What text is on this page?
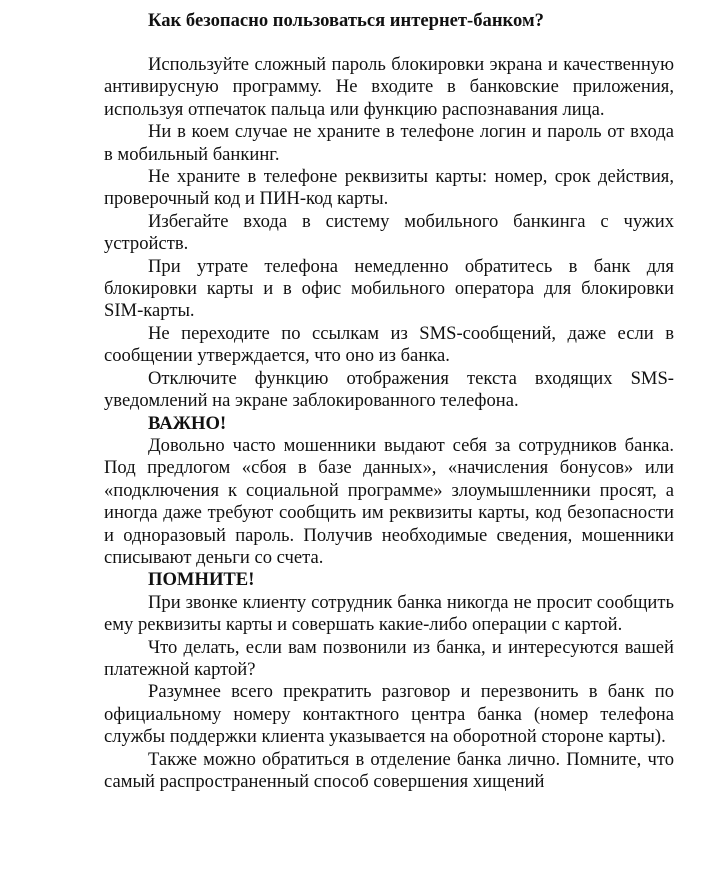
Как безопасно пользоваться интернет-банком?

Используйте сложный пароль блокировки экрана и качественную антивирусную программу. Не входите в банковские приложения, используя отпечаток пальца или функцию распознавания лица.

Ни в коем случае не храните в телефоне логин и пароль от входа в мобильный банкинг.

Не храните в телефоне реквизиты карты: номер, срок действия, проверочный код и ПИН-код карты.

Избегайте входа в систему мобильного банкинга с чужих устройств.

При утрате телефона немедленно обратитесь в банк для блокировки карты и в офис мобильного оператора для блокировки SIM-карты.

Не переходите по ссылкам из SMS-сообщений, даже если в сообщении утверждается, что оно из банка.

Отключите функцию отображения текста входящих SMS-уведомлений на экране заблокированного телефона.

ВАЖНО!

Довольно часто мошенники выдают себя за сотрудников банка. Под предлогом «сбоя в базе данных», «начисления бонусов» или «подключения к социальной программе» злоумышленники просят, а иногда даже требуют сообщить им реквизиты карты, код безопасности и одноразовый пароль. Получив необходимые сведения, мошенники списывают деньги со счета.

ПОМНИТЕ!

При звонке клиенту сотрудник банка никогда не просит сообщить ему реквизиты карты и совершать какие-либо операции с картой.

Что делать, если вам позвонили из банка, и интересуются вашей платежной картой?

Разумнее всего прекратить разговор и перезвонить в банк по официальному номеру контактного центра банка (номер телефона службы поддержки клиента указывается на оборотной стороне карты).

Также можно обратиться в отделение банка лично. Помните, что самый распространенный способ совершения хищений
